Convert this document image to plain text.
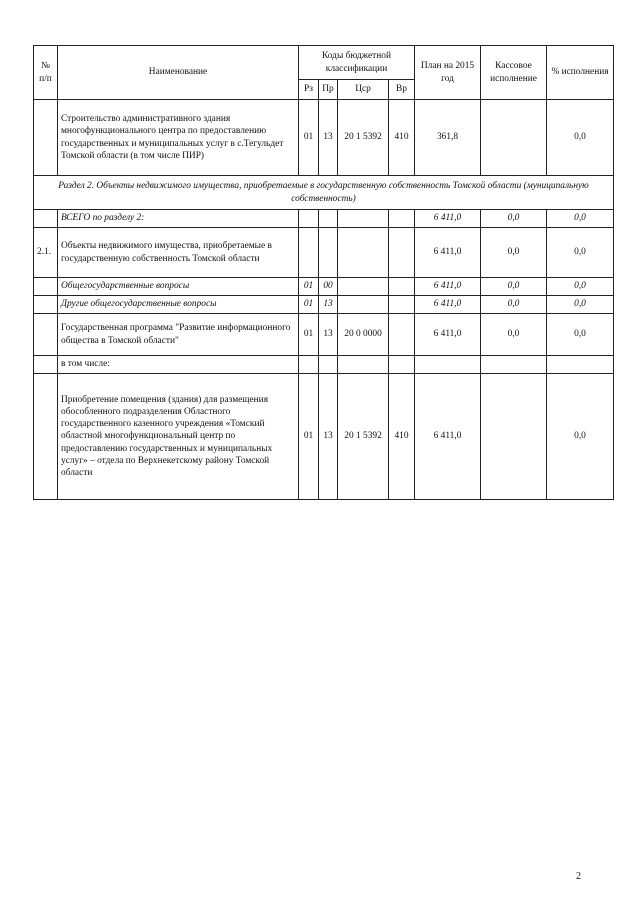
№ п/п	Наименование	Коды бюджетной классификации				План на 2015 год	Кассовое исполнение	% исполнения
		Рз	Пр	Цср	Вр			
	Строительство административного здания многофункционального центра по предоставлению государственных и муниципальных услуг в с.Тегульдет Томской области (в том числе ПИР)	01	13	20 1 5392	410	361,8		0,0
Раздел 2. Объекты недвижимого имущества, приобретаемые в государственную собственность Томской области (муниципальную собственность)								
	ВСЕГО по разделу 2:					6 411,0	0,0	0,0
2.1.	Объекты недвижимого имущества, приобретаемые в государственную собственность Томской области					6 411,0	0,0	0,0
	Общегосударственные вопросы	01	00			6 411,0	0,0	0,0
	Другие общегосударственные вопросы	01	13			6 411,0	0,0	0,0
	Государственная программа "Развитие информационного общества в Томской области"	01	13	20 0 0000		6 411,0	0,0	0,0
	в том числе:							
	Приобретение помещения (здания) для размещения обособленного подразделения Областного государственного казенного учреждения «Томский областной многофункциональный центр по предоставлению государственных и муниципальных услуг» – отдела по Верхнекетскому району Томской области	01	13	20 1 5392	410	6 411,0		0,0
2
